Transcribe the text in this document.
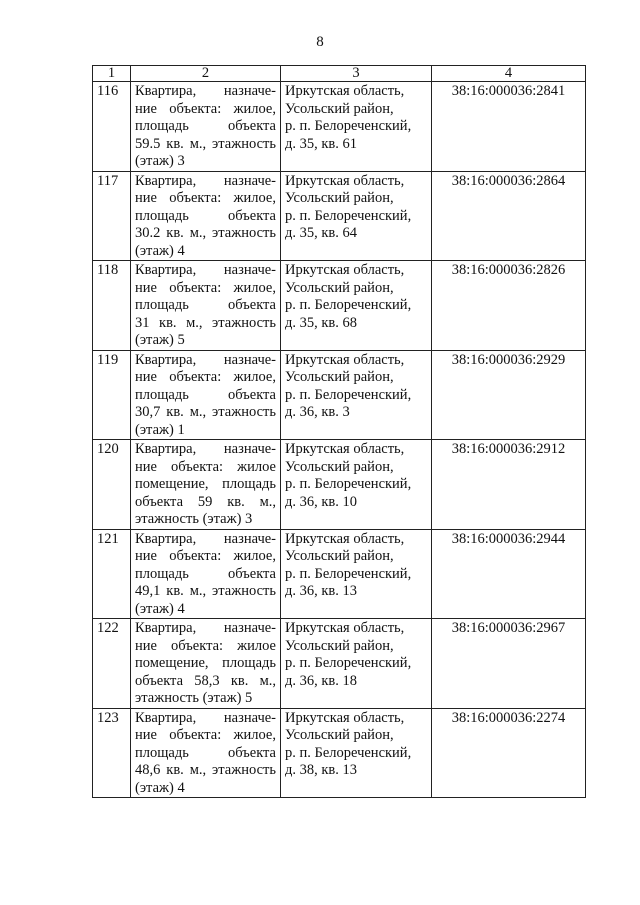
8
1	2	3	4
116	Квартира, назначе-
ние объекта: жилое,
площадь объекта
59.5 кв. м., этажность
(этаж) 3	Иркутская область,
Усольский район,
р. п. Белореченский,
д. 35, кв. 61	38:16:000036:2841
117	Квартира, назначе-
ние объекта: жилое,
площадь объекта
30.2 кв. м., этажность
(этаж) 4	Иркутская область,
Усольский район,
р. п. Белореченский,
д. 35, кв. 64	38:16:000036:2864
118	Квартира, назначе-
ние объекта: жилое,
площадь объекта
31 кв. м., этажность
(этаж) 5	Иркутская область,
Усольский район,
р. п. Белореченский,
д. 35, кв. 68	38:16:000036:2826
119	Квартира, назначе-
ние объекта: жилое,
площадь объекта
30,7 кв. м., этажность
(этаж) 1	Иркутская область,
Усольский район,
р. п. Белореченский,
д. 36, кв. 3	38:16:000036:2929
120	Квартира, назначе-
ние объекта: жилое
помещение, площадь
объекта 59 кв. м.,
этажность (этаж) 3	Иркутская область,
Усольский район,
р. п. Белореченский,
д. 36, кв. 10	38:16:000036:2912
121	Квартира, назначе-
ние объекта: жилое,
площадь объекта
49,1 кв. м., этажность
(этаж) 4	Иркутская область,
Усольский район,
р. п. Белореченский,
д. 36, кв. 13	38:16:000036:2944
122	Квартира, назначе-
ние объекта: жилое
помещение, площадь
объекта 58,3 кв. м.,
этажность (этаж) 5	Иркутская область,
Усольский район,
р. п. Белореченский,
д. 36, кв. 18	38:16:000036:2967
123	Квартира, назначе-
ние объекта: жилое,
площадь объекта
48,6 кв. м., этажность
(этаж) 4	Иркутская область,
Усольский район,
р. п. Белореченский,
д. 38, кв. 13	38:16:000036:2274
